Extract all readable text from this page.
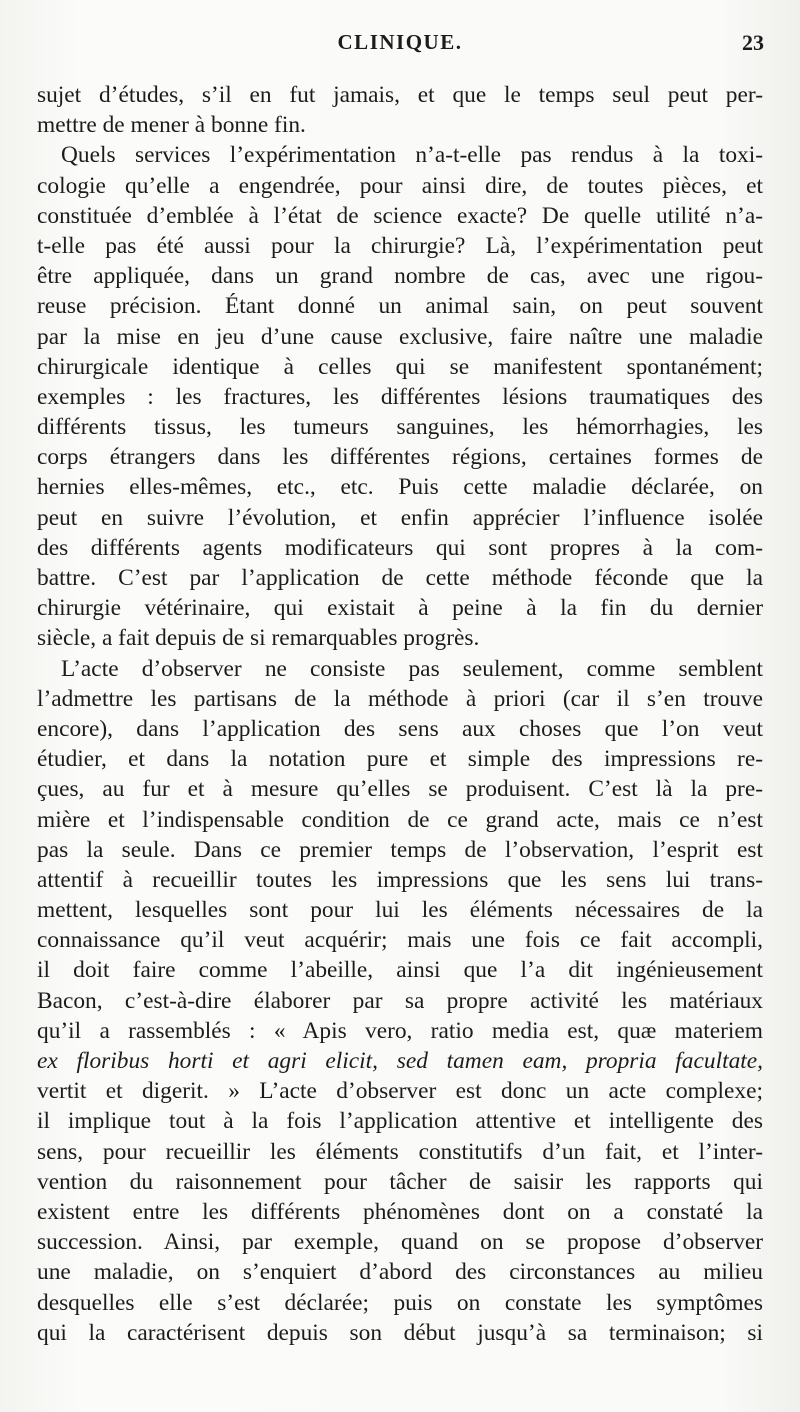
CLINIQUE.	23
sujet d’études, s’il en fut jamais, et que le temps seul peut per-
mettre de mener à bonne fin.
Quels services l’expérimentation n’a-t-elle pas rendus à la toxi-
cologie qu’elle a engendrée, pour ainsi dire, de toutes pièces, et
constituée d’emblée à l’état de science exacte? De quelle utilité n’a-
t-elle pas été aussi pour la chirurgie? Là, l’expérimentation peut
être appliquée, dans un grand nombre de cas, avec une rigou-
reuse précision. Étant donné un animal sain, on peut souvent
par la mise en jeu d’une cause exclusive, faire naître une maladie
chirurgicale identique à celles qui se manifestent spontanément;
exemples : les fractures, les différentes lésions traumatiques des
différents tissus, les tumeurs sanguines, les hémorrhagies, les
corps étrangers dans les différentes régions, certaines formes de
hernies elles-mêmes, etc., etc. Puis cette maladie déclarée, on
peut en suivre l’évolution, et enfin apprécier l’influence isolée
des différents agents modificateurs qui sont propres à la com-
battre. C’est par l’application de cette méthode féconde que la
chirurgie vétérinaire, qui existait à peine à la fin du dernier
siècle, a fait depuis de si remarquables progrès.
L’acte d’observer ne consiste pas seulement, comme semblent
l’admettre les partisans de la méthode à priori (car il s’en trouve
encore), dans l’application des sens aux choses que l’on veut
étudier, et dans la notation pure et simple des impressions re-
çues, au fur et à mesure qu’elles se produisent. C’est là la pre-
mière et l’indispensable condition de ce grand acte, mais ce n’est
pas la seule. Dans ce premier temps de l’observation, l’esprit est
attentif à recueillir toutes les impressions que les sens lui trans-
mettent, lesquelles sont pour lui les éléments nécessaires de la
connaissance qu’il veut acquérir; mais une fois ce fait accompli,
il doit faire comme l’abeille, ainsi que l’a dit ingénieusement
Bacon, c’est-à-dire élaborer par sa propre activité les matériaux
qu’il a rassemblés : « Apis vero, ratio media est, quæ materiem
ex floribus horti et agri elicit, sed tamen eam, propria facultate,
vertit et digerit. » L’acte d’observer est donc un acte complexe;
il implique tout à la fois l’application attentive et intelligente des
sens, pour recueillir les éléments constitutifs d’un fait, et l’inter-
vention du raisonnement pour tâcher de saisir les rapports qui
existent entre les différents phénomènes dont on a constaté la
succession. Ainsi, par exemple, quand on se propose d’observer
une maladie, on s’enquiert d’abord des circonstances au milieu
desquelles elle s’est déclarée; puis on constate les symptômes
qui la caractérisent depuis son début jusqu’à sa terminaison; si
